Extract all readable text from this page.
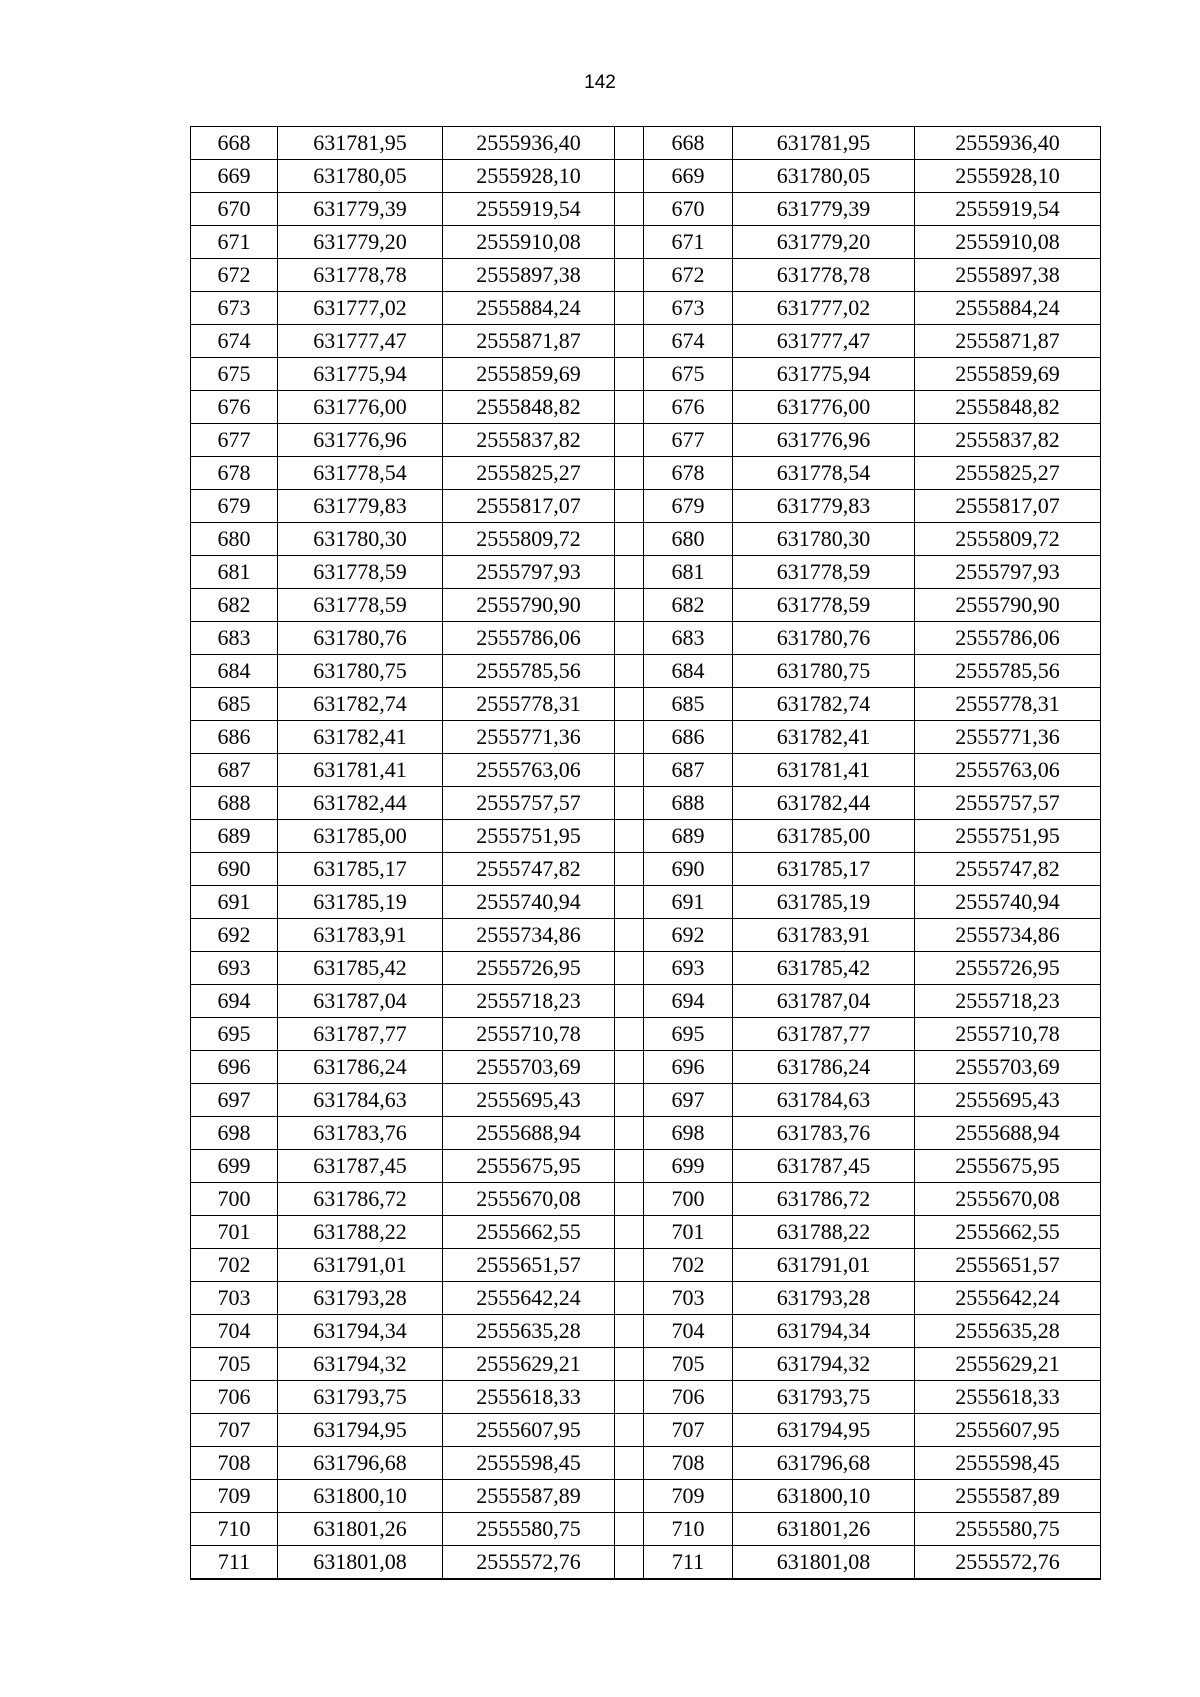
142
668	631781,95	2555936,40		668	631781,95	2555936,40
669	631780,05	2555928,10		669	631780,05	2555928,10
670	631779,39	2555919,54		670	631779,39	2555919,54
671	631779,20	2555910,08		671	631779,20	2555910,08
672	631778,78	2555897,38		672	631778,78	2555897,38
673	631777,02	2555884,24		673	631777,02	2555884,24
674	631777,47	2555871,87		674	631777,47	2555871,87
675	631775,94	2555859,69		675	631775,94	2555859,69
676	631776,00	2555848,82		676	631776,00	2555848,82
677	631776,96	2555837,82		677	631776,96	2555837,82
678	631778,54	2555825,27		678	631778,54	2555825,27
679	631779,83	2555817,07		679	631779,83	2555817,07
680	631780,30	2555809,72		680	631780,30	2555809,72
681	631778,59	2555797,93		681	631778,59	2555797,93
682	631778,59	2555790,90		682	631778,59	2555790,90
683	631780,76	2555786,06		683	631780,76	2555786,06
684	631780,75	2555785,56		684	631780,75	2555785,56
685	631782,74	2555778,31		685	631782,74	2555778,31
686	631782,41	2555771,36		686	631782,41	2555771,36
687	631781,41	2555763,06		687	631781,41	2555763,06
688	631782,44	2555757,57		688	631782,44	2555757,57
689	631785,00	2555751,95		689	631785,00	2555751,95
690	631785,17	2555747,82		690	631785,17	2555747,82
691	631785,19	2555740,94		691	631785,19	2555740,94
692	631783,91	2555734,86		692	631783,91	2555734,86
693	631785,42	2555726,95		693	631785,42	2555726,95
694	631787,04	2555718,23		694	631787,04	2555718,23
695	631787,77	2555710,78		695	631787,77	2555710,78
696	631786,24	2555703,69		696	631786,24	2555703,69
697	631784,63	2555695,43		697	631784,63	2555695,43
698	631783,76	2555688,94		698	631783,76	2555688,94
699	631787,45	2555675,95		699	631787,45	2555675,95
700	631786,72	2555670,08		700	631786,72	2555670,08
701	631788,22	2555662,55		701	631788,22	2555662,55
702	631791,01	2555651,57		702	631791,01	2555651,57
703	631793,28	2555642,24		703	631793,28	2555642,24
704	631794,34	2555635,28		704	631794,34	2555635,28
705	631794,32	2555629,21		705	631794,32	2555629,21
706	631793,75	2555618,33		706	631793,75	2555618,33
707	631794,95	2555607,95		707	631794,95	2555607,95
708	631796,68	2555598,45		708	631796,68	2555598,45
709	631800,10	2555587,89		709	631800,10	2555587,89
710	631801,26	2555580,75		710	631801,26	2555580,75
711	631801,08	2555572,76		711	631801,08	2555572,76
